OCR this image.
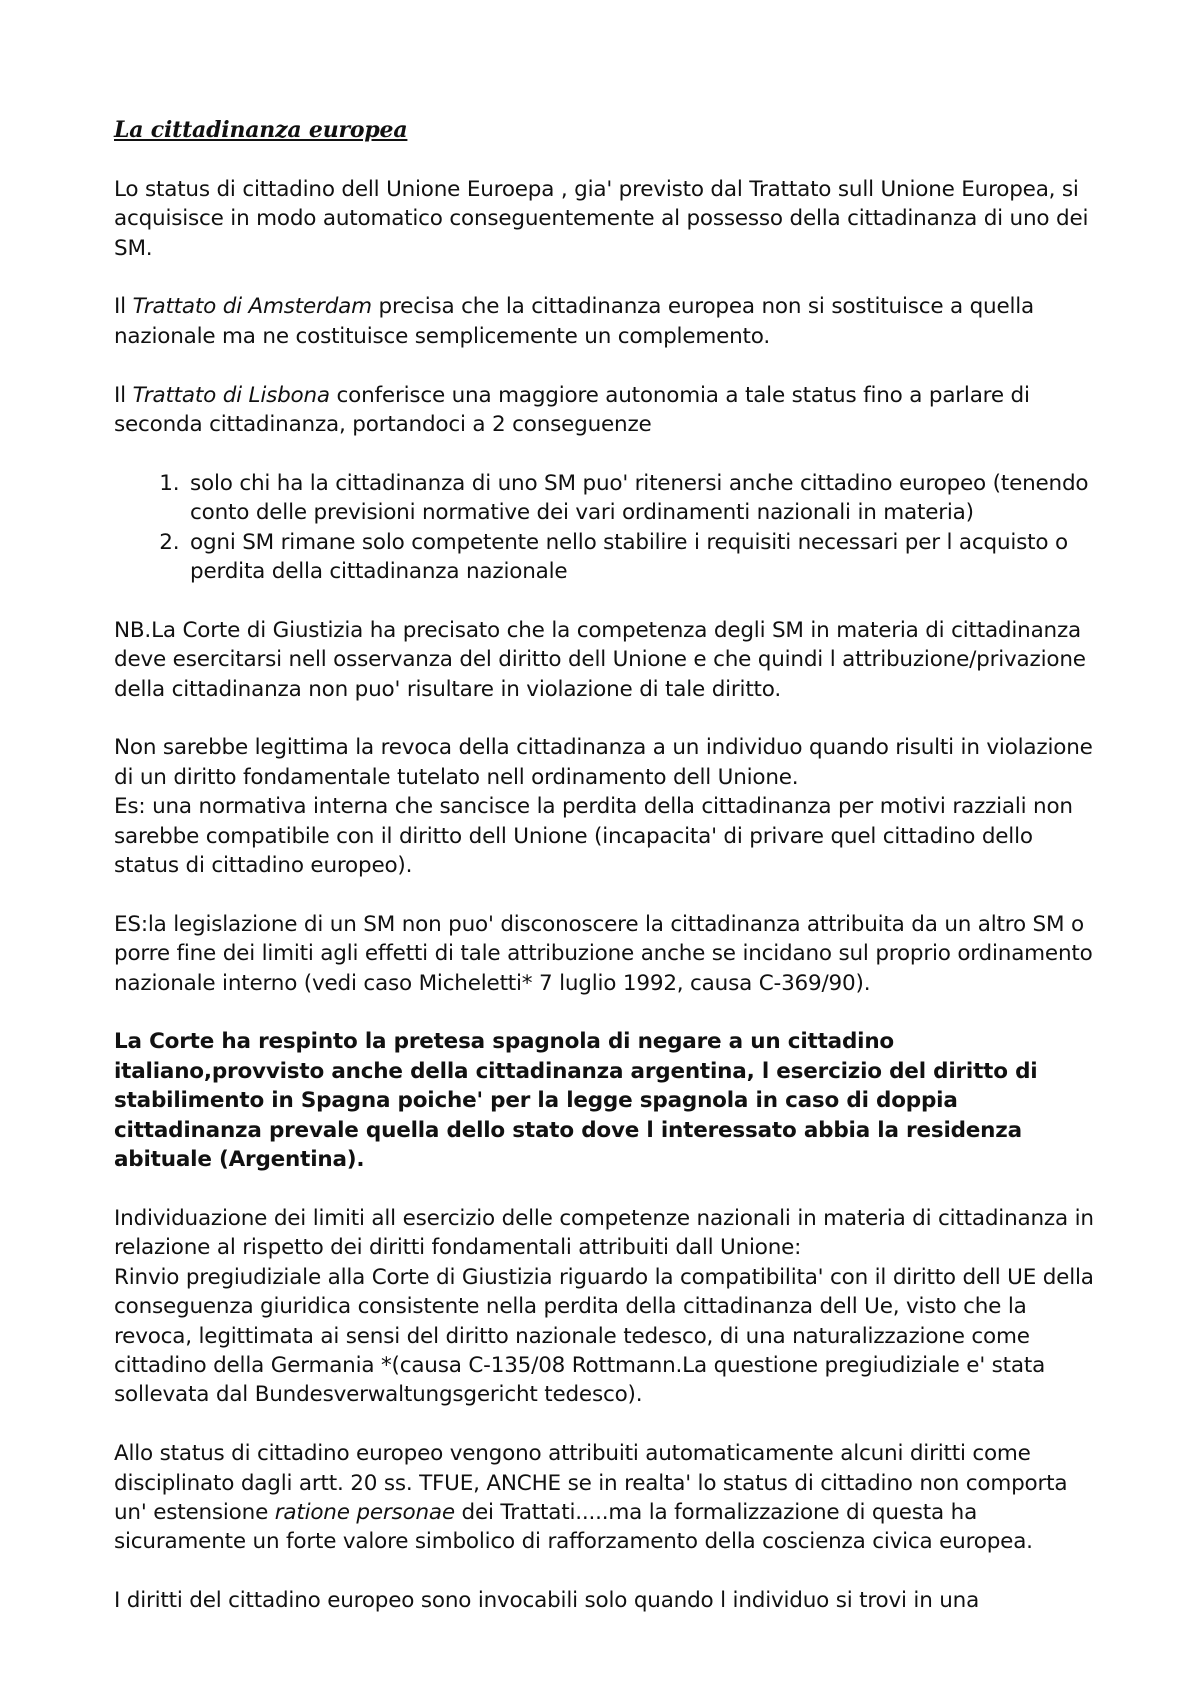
La cittadinanza europea

Lo status di cittadino dell Unione Euroepa , gia' previsto dal Trattato sull Unione Europea, si acquisisce in modo automatico conseguentemente al possesso della cittadinanza di uno dei SM.

Il Trattato di Amsterdam precisa che la cittadinanza europea non si sostituisce a quella nazionale ma ne costituisce semplicemente un complemento.

Il Trattato di Lisbona conferisce una maggiore autonomia a tale status fino a parlare di seconda cittadinanza, portandoci a 2 conseguenze

1. solo chi ha la cittadinanza di uno SM puo' ritenersi anche cittadino europeo (tenendo conto delle previsioni normative dei vari ordinamenti nazionali in materia)
2. ogni SM rimane solo competente nello stabilire i requisiti necessari per l acquisto o perdita della cittadinanza nazionale

NB.La Corte di Giustizia ha precisato che la competenza degli SM in materia di cittadinanza deve esercitarsi nell osservanza del diritto dell Unione e che quindi l attribuzione/privazione della cittadinanza non puo' risultare in violazione di tale diritto.

Non sarebbe legittima la revoca della cittadinanza a un individuo quando risulti in violazione di un diritto fondamentale tutelato nell ordinamento dell Unione.

Es: una normativa interna che sancisce la perdita della cittadinanza per motivi razziali non sarebbe compatibile con il diritto dell Unione (incapacita' di privare quel cittadino dello status di cittadino europeo).

ES:la legislazione di un SM non puo' disconoscere la cittadinanza attribuita da un altro SM o porre fine dei limiti agli effetti di tale attribuzione anche se incidano sul proprio ordinamento nazionale interno (vedi caso Micheletti* 7 luglio 1992, causa C-369/90).

La Corte ha respinto la pretesa spagnola di negare a un cittadino italiano,provvisto anche della cittadinanza argentina, l esercizio del diritto di stabilimento in Spagna poiche' per la legge spagnola in caso di doppia cittadinanza prevale quella dello stato dove l interessato abbia la residenza abituale (Argentina).

Individuazione dei limiti all esercizio delle competenze nazionali in materia di cittadinanza in relazione al rispetto dei diritti fondamentali attribuiti dall Unione:

Rinvio pregiudiziale alla Corte di Giustizia riguardo la compatibilita' con il diritto dell UE della conseguenza giuridica consistente nella perdita della cittadinanza dell Ue, visto che la revoca, legittimata ai sensi del diritto nazionale tedesco, di una naturalizzazione come cittadino della Germania *(causa C-135/08 Rottmann.La questione pregiudiziale e' stata sollevata dal Bundesverwaltungsgericht tedesco).

Allo status di cittadino europeo vengono attribuiti automaticamente alcuni diritti come disciplinato dagli artt. 20 ss. TFUE, ANCHE se in realta' lo status di cittadino non comporta un' estensione ratione personae dei Trattati.....ma la formalizzazione di questa ha sicuramente un forte valore simbolico di rafforzamento della coscienza civica europea.

I diritti del cittadino europeo sono invocabili solo quando l individuo si trovi in una
